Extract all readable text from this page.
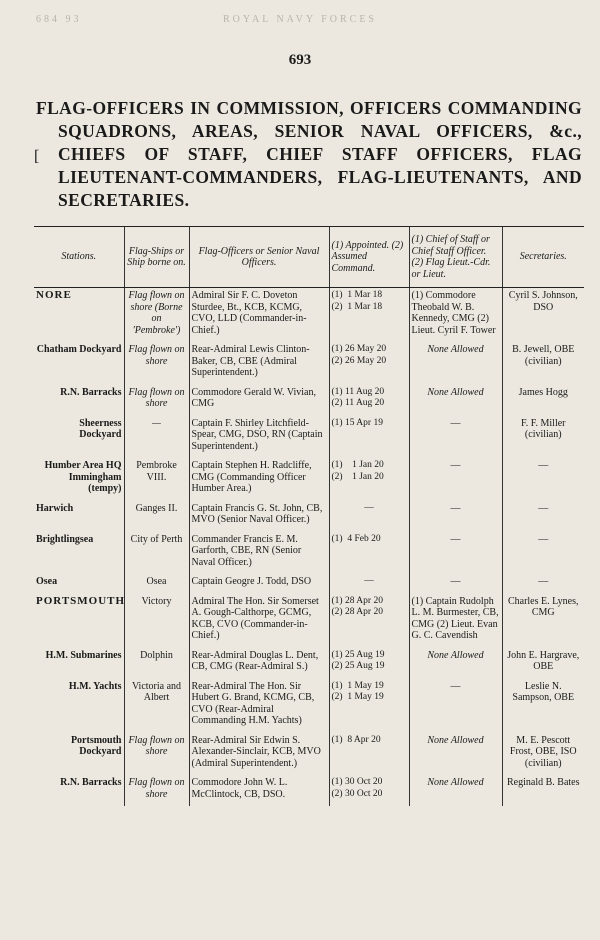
684 93	ROYAL NAVY FORCES
693
[
FLAG-OFFICERS IN COMMISSION, OFFICERS COMMANDING
SQUADRONS, AREAS, SENIOR NAVAL OFFICERS, &c.,
CHIEFS OF STAFF, CHIEF STAFF OFFICERS, FLAG
LIEUTENANT-COMMANDERS, FLAG-LIEUTENANTS, AND
SECRETARIES.
Stations.	Flag-Ships or Ship borne on.	Flag-Officers or Senior Naval Officers.	(1) Appointed. (2) Assumed Command.	(1) Chief of Staff or Chief Staff Officer. (2) Flag Lieut.-Cdr. or Lieut.	Secretaries.

NORE	Flag flown on shore (Borne on 'Pembroke')	Admiral Sir F. C. Doveton Sturdee, Bt., KCB, KCMG, CVO, LLD (Commander-in-Chief.)	(1)  1 Mar 18
(2)  1 Mar 18	(1) Commodore Theobald W. B. Kennedy, CMG (2) Lieut. Cyril F. Tower	Cyril S. Johnson, DSO

Chatham Dockyard	Flag flown on shore	Rear-Admiral Lewis Clinton-Baker, CB, CBE (Admiral Superintendent.)	(1) 26 May 20
(2) 26 May 20	None Allowed	B. Jewell, OBE (civilian)

R.N. Barracks	Flag flown on shore	Commodore Gerald W. Vivian, CMG	(1) 11 Aug 20
(2) 11 Aug 20	None Allowed	James Hogg

Sheerness Dockyard	—	Captain F. Shirley Litchfield-Spear, CMG, DSO, RN (Captain Superintendent.)	(1) 15 Apr 19	—	F. F. Miller (civilian)

Humber Area HQ Immingham (tempy)	Pembroke VIII.	Captain Stephen H. Radcliffe, CMG (Commanding Officer Humber Area.)	(1)    1 Jan 20
(2)    1 Jan 20	—	—

Harwich	Ganges II.	Captain Francis G. St. John, CB, MVO (Senior Naval Officer.)	—	—	—

Brightlingsea	City of Perth	Commander Francis E. M. Garforth, CBE, RN (Senior Naval Officer.)	(1)  4 Feb 20	—	—

Osea	Osea	Captain Geogre J. Todd, DSO	—	—	—

PORTSMOUTH	Victory	Admiral The Hon. Sir Somerset A. Gough-Calthorpe, GCMG, KCB, CVO (Commander-in-Chief.)	(1) 28 Apr 20
(2) 28 Apr 20	(1) Captain Rudolph L. M. Burmester, CB, CMG (2) Lieut. Evan G. C. Cavendish	Charles E. Lynes, CMG

H.M. Submarines	Dolphin	Rear-Admiral Douglas L. Dent, CB, CMG (Rear-Admiral S.)	(1) 25 Aug 19
(2) 25 Aug 19	None Allowed	John E. Hargrave, OBE

H.M. Yachts	Victoria and Albert	Rear-Admiral The Hon. Sir Hubert G. Brand, KCMG, CB, CVO (Rear-Admiral Commanding H.M. Yachts)	(1)  1 May 19
(2)  1 May 19	—	Leslie N. Sampson, OBE

Portsmouth Dockyard	Flag flown on shore	Rear-Admiral Sir Edwin S. Alexander-Sinclair, KCB, MVO (Admiral Superintendent.)	(1)  8 Apr 20	None Allowed	M. E. Pescott Frost, OBE, ISO (civilian)

R.N. Barracks	Flag flown on shore	Commodore John W. L. McClintock, CB, DSO.	(1) 30 Oct 20
(2) 30 Oct 20	None Allowed	Reginald B. Bates
